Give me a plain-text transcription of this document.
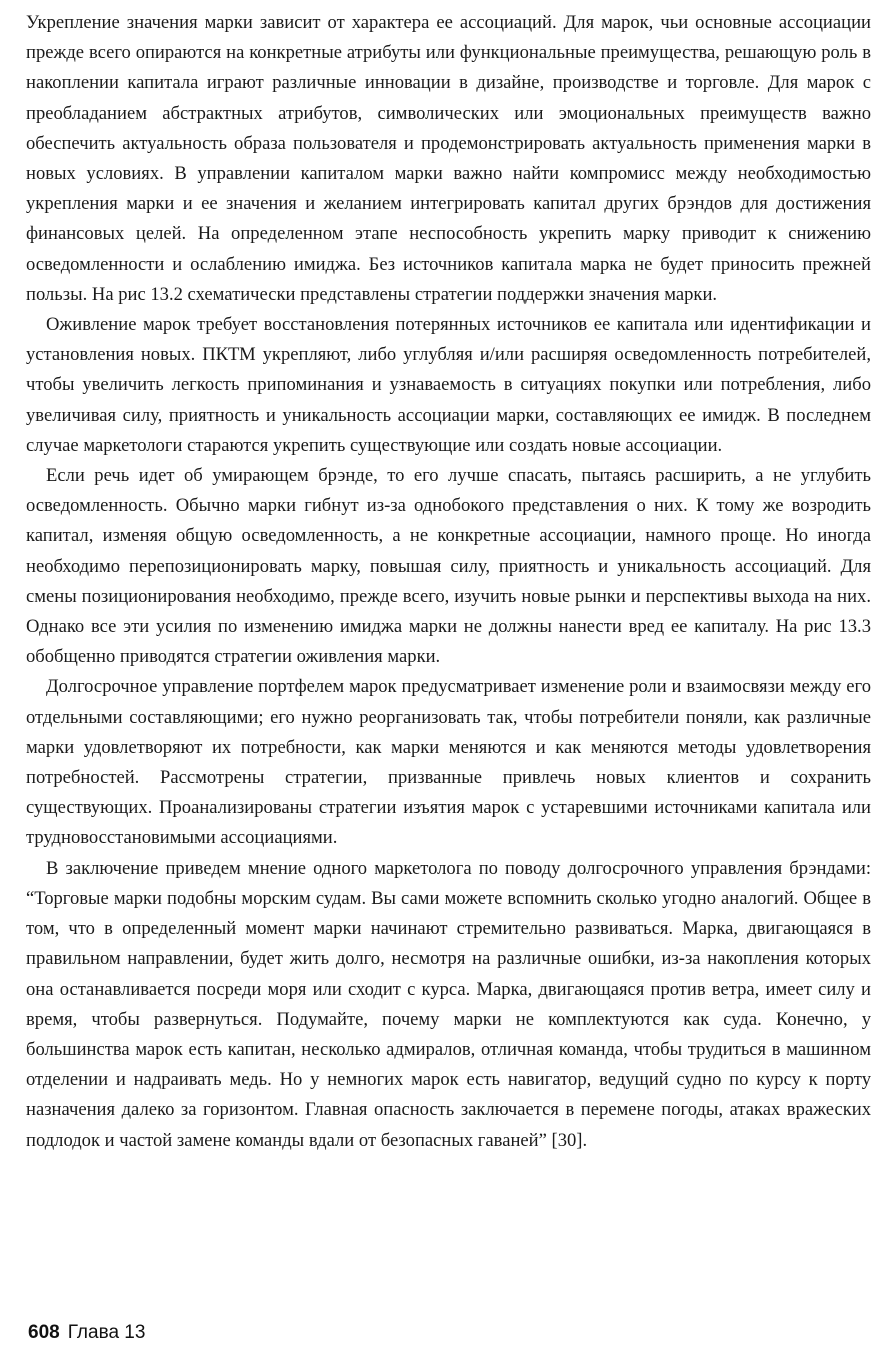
Укрепление значения марки зависит от характера ее ассоциаций. Для марок, чьи основные ассоциации прежде всего опираются на конкретные атрибуты или функциональные преимущества, решающую роль в накоплении капитала играют различные инновации в дизайне, производстве и торговле. Для марок с преобладанием абстрактных атрибутов, символических или эмоциональных преимуществ важно обеспечить актуальность образа пользователя и продемонстрировать актуальность применения марки в новых условиях. В управлении капиталом марки важно найти компромисс между необходимостью укрепления марки и ее значения и желанием интегрировать капитал других брэндов для достижения финансовых целей. На определенном этапе неспособность укрепить марку приводит к снижению осведомленности и ослаблению имиджа. Без источников капитала марка не будет приносить прежней пользы. На рис 13.2 схематически представлены стратегии поддержки значения марки.

Оживление марок требует восстановления потерянных источников ее капитала или идентификации и установления новых. ПКТМ укрепляют, либо углубляя и/или расширяя осведомленность потребителей, чтобы увеличить легкость припоминания и узнаваемость в ситуациях покупки или потребления, либо увеличивая силу, приятность и уникальность ассоциации марки, составляющих ее имидж. В последнем случае маркетологи стараются укрепить существующие или создать новые ассоциации.

Если речь идет об умирающем брэнде, то его лучше спасать, пытаясь расширить, а не углубить осведомленность. Обычно марки гибнут из-за однобокого представления о них. К тому же возродить капитал, изменяя общую осведомленность, а не конкретные ассоциации, намного проще. Но иногда необходимо перепозиционировать марку, повышая силу, приятность и уникальность ассоциаций. Для смены позиционирования необходимо, прежде всего, изучить новые рынки и перспективы выхода на них. Однако все эти усилия по изменению имиджа марки не должны нанести вред ее капиталу. На рис 13.3 обобщенно приводятся стратегии оживления марки.

Долгосрочное управление портфелем марок предусматривает изменение роли и взаимосвязи между его отдельными составляющими; его нужно реорганизовать так, чтобы потребители поняли, как различные марки удовлетворяют их потребности, как марки меняются и как меняются методы удовлетворения потребностей. Рассмотрены стратегии, призванные привлечь новых клиентов и сохранить существующих. Проанализированы стратегии изъятия марок с устаревшими источниками капитала или трудновосстановимыми ассоциациями.

В заключение приведем мнение одного маркетолога по поводу долгосрочного управления брэндами: “Торговые марки подобны морским судам. Вы сами можете вспомнить сколько угодно аналогий. Общее в том, что в определенный момент марки начинают стремительно развиваться. Марка, двигающаяся в правильном направлении, будет жить долго, несмотря на различные ошибки, из-за накопления которых она останавливается посреди моря или сходит с курса. Марка, двигающаяся против ветра, имеет силу и время, чтобы развернуться. Подумайте, почему марки не комплектуются как суда. Конечно, у большинства марок есть капитан, несколько адмиралов, отличная команда, чтобы трудиться в машинном отделении и надраивать медь. Но у немногих марок есть навигатор, ведущий судно по курсу к порту назначения далеко за горизонтом. Главная опасность заключается в перемене погоды, атаках вражеских подлодок и частой замене команды вдали от безопасных гаваней” [30].

608 Глава 13
